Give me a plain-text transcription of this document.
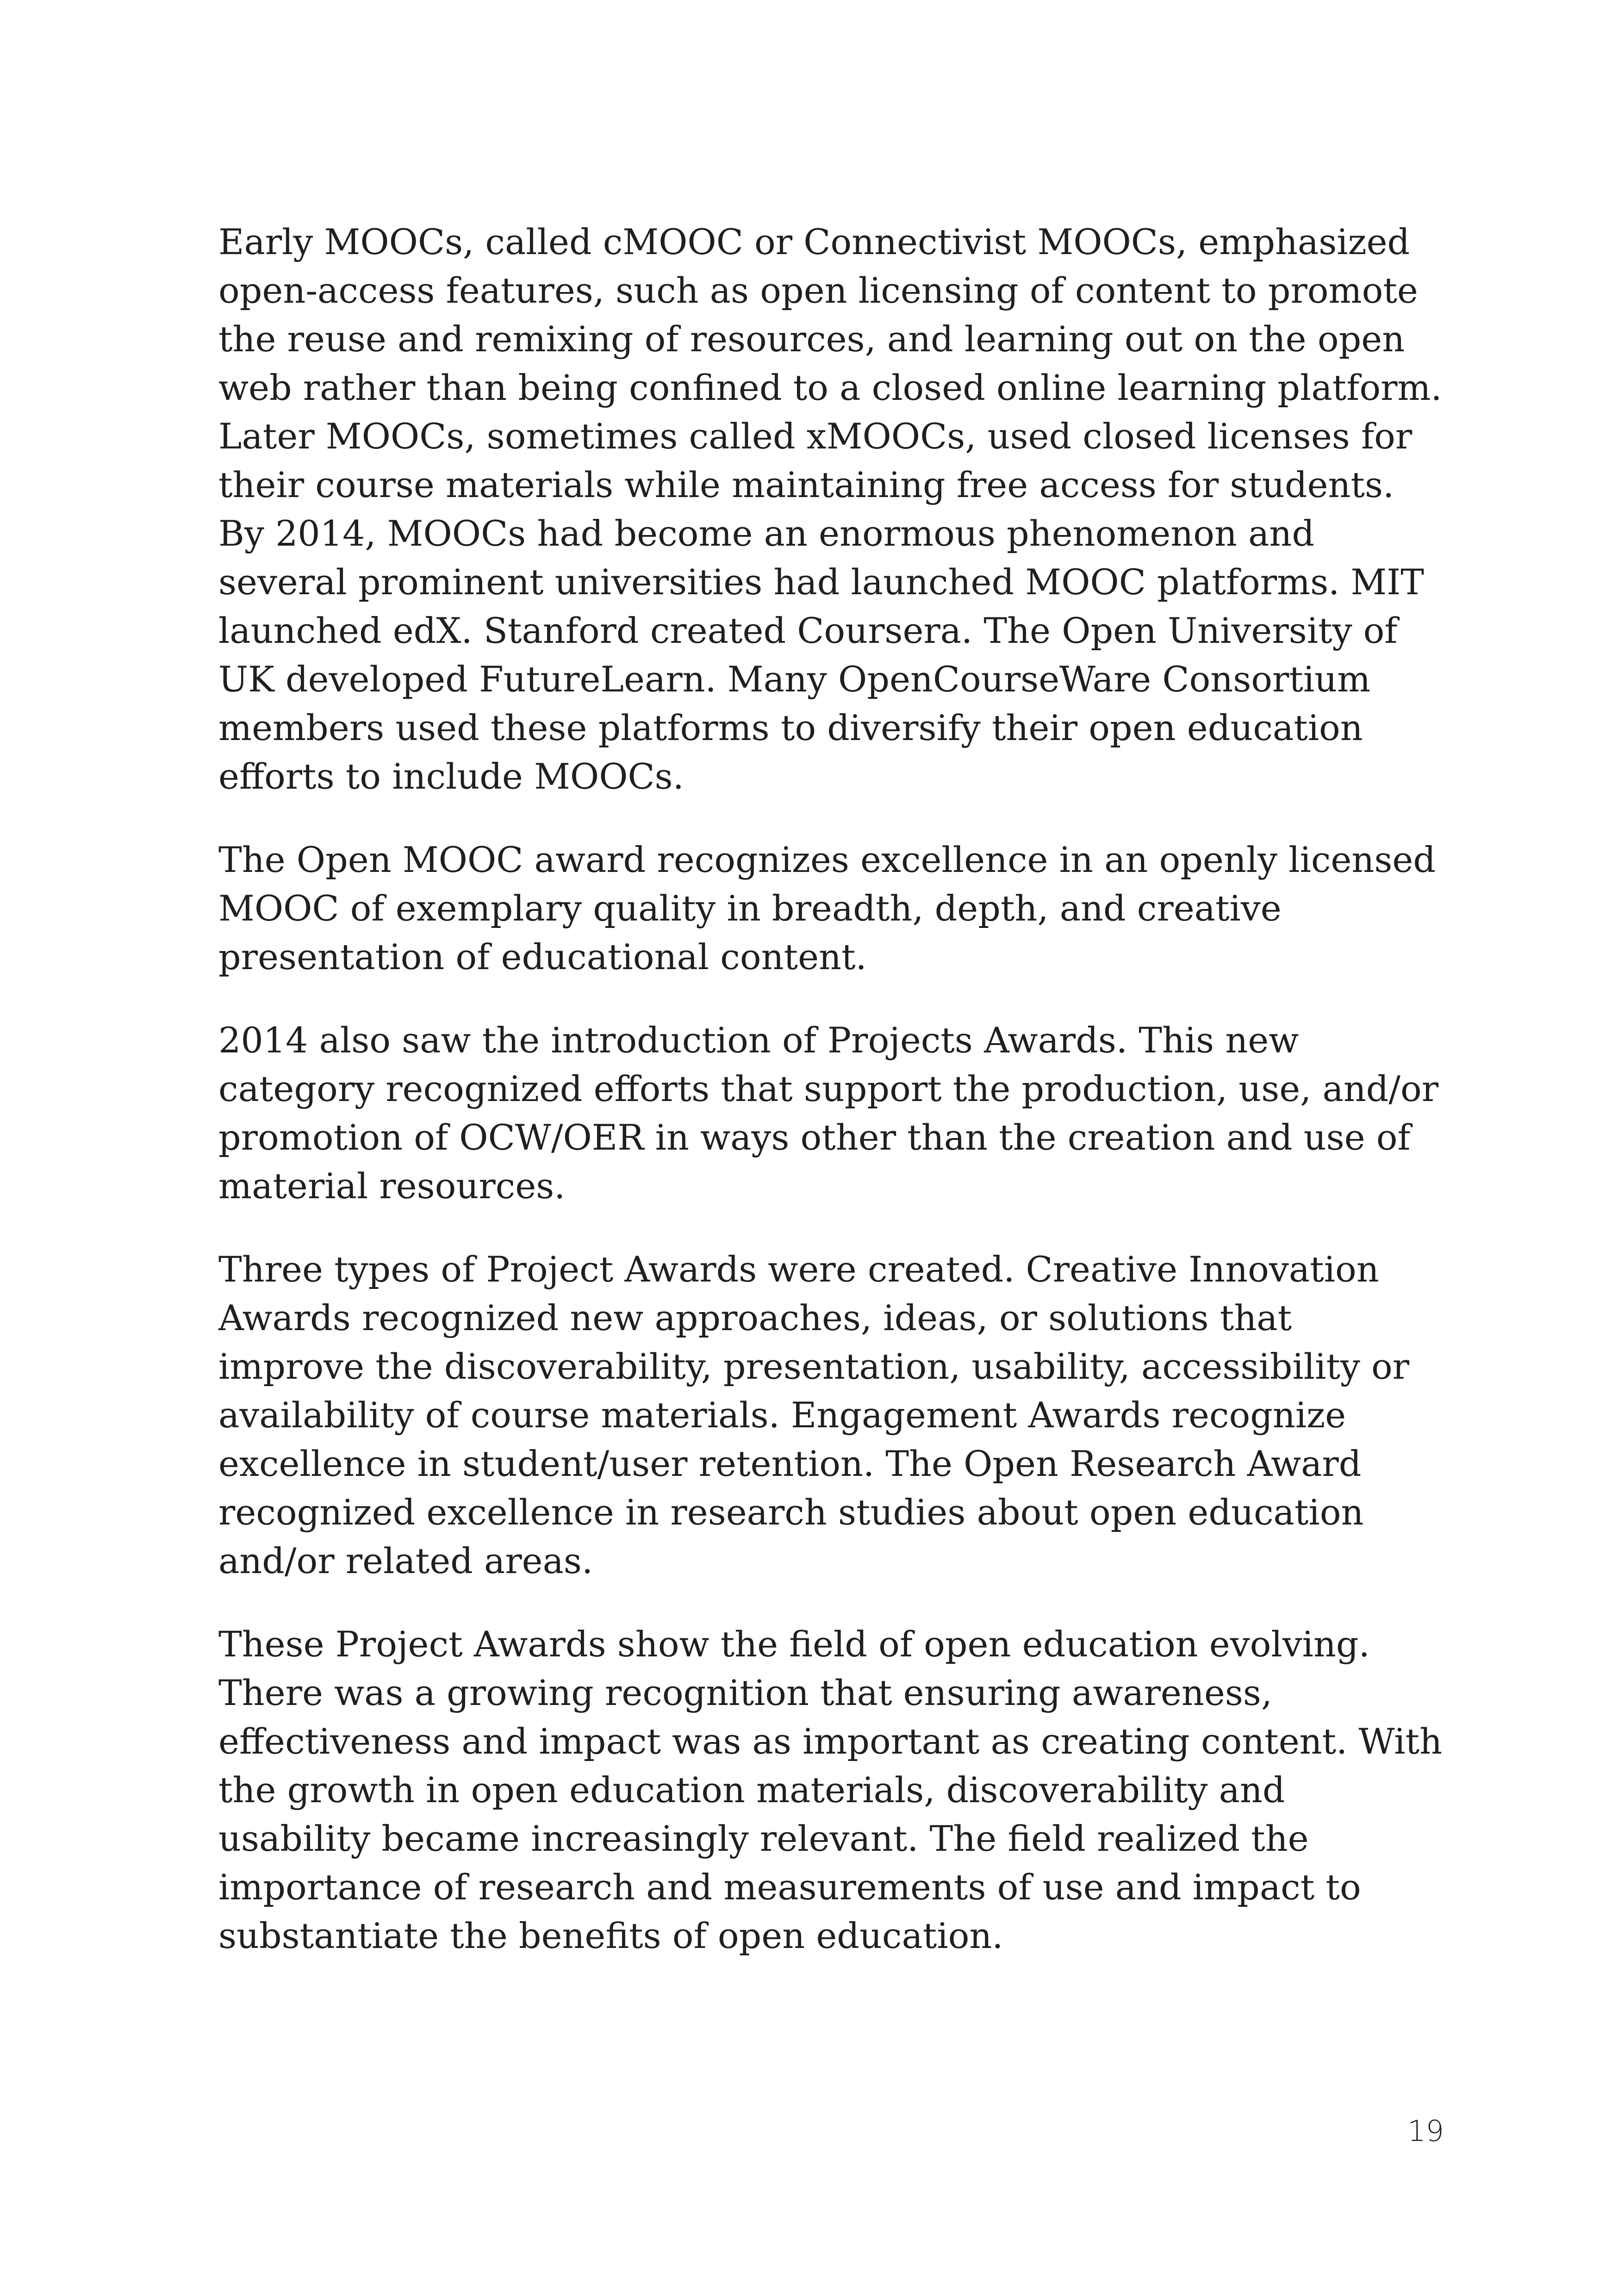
Early MOOCs, called cMOOC or Connectivist MOOCs, emphasized open-access features, such as open licensing of content to promote the reuse and remixing of resources, and learning out on the open web rather than being confined to a closed online learning platform. Later MOOCs, sometimes called xMOOCs, used closed licenses for their course materials while maintaining free access for students. By 2014, MOOCs had become an enormous phenomenon and several prominent universities had launched MOOC platforms. MIT launched edX. Stanford created Coursera. The Open University of UK developed FutureLearn. Many OpenCourseWare Consortium members used these platforms to diversify their open education efforts to include MOOCs.

The Open MOOC award recognizes excellence in an openly licensed MOOC of exemplary quality in breadth, depth, and creative presentation of educational content.

2014 also saw the introduction of Projects Awards. This new category recognized efforts that support the production, use, and/or promotion of OCW/OER in ways other than the creation and use of material resources.

Three types of Project Awards were created. Creative Innovation Awards recognized new approaches, ideas, or solutions that improve the discoverability, presentation, usability, accessibility or availability of course materials. Engagement Awards recognize excellence in student/user retention. The Open Research Award recognized excellence in research studies about open education and/or related areas.

These Project Awards show the field of open education evolving. There was a growing recognition that ensuring awareness, effectiveness and impact was as important as creating content. With the growth in open education materials, discoverability and usability became increasingly relevant. The field realized the importance of research and measurements of use and impact to substantiate the benefits of open education.

19
